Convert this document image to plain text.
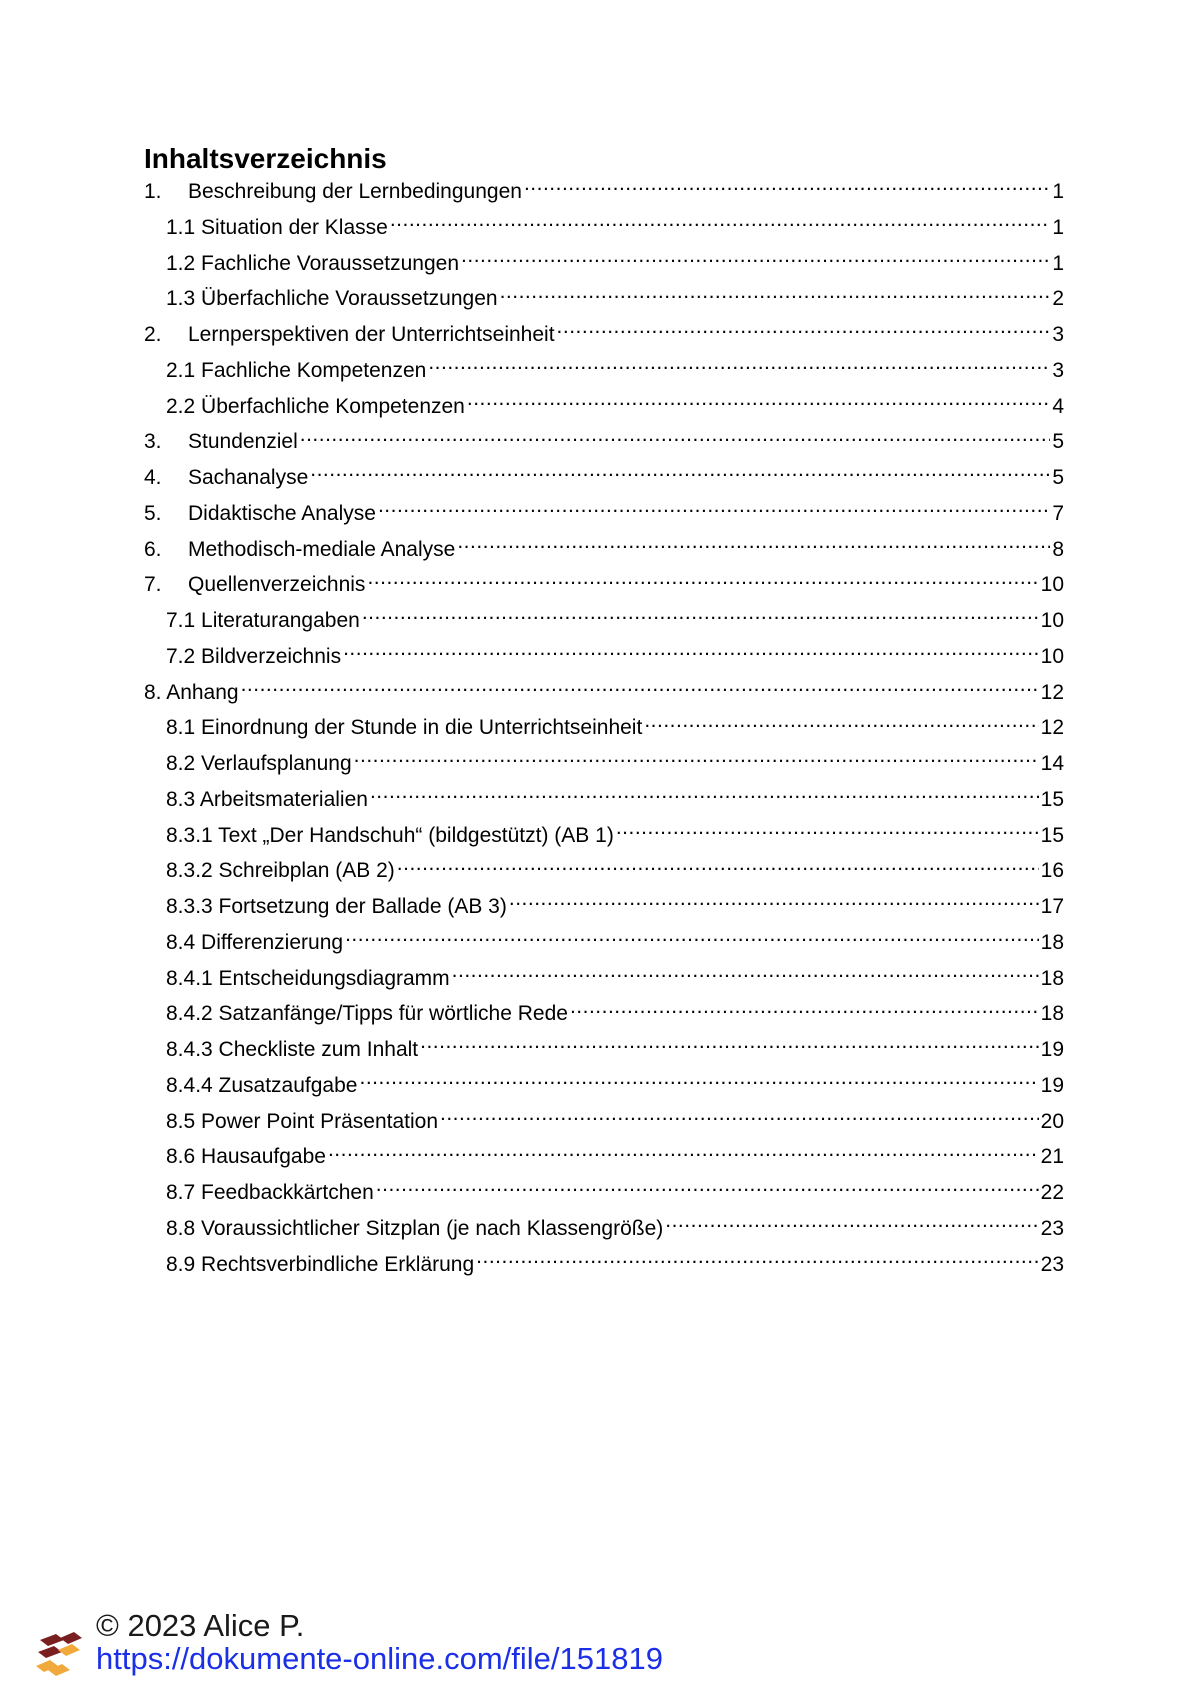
Inhaltsverzeichnis
1.	Beschreibung der Lernbedingungen .....	1
1.1 Situation der Klasse .....	1
1.2 Fachliche Voraussetzungen .....	1
1.3 Überfachliche Voraussetzungen .....	2
2.	Lernperspektiven der Unterrichtseinheit .....	3
2.1 Fachliche Kompetenzen .....	3
2.2 Überfachliche Kompetenzen .....	4
3.	Stundenziel .....	5
4.	Sachanalyse .....	5
5.	Didaktische Analyse .....	7
6.	Methodisch-mediale Analyse .....	8
7.	Quellenverzeichnis .....	10
7.1 Literaturangaben .....	10
7.2 Bildverzeichnis .....	10
8. Anhang .....	12
8.1 Einordnung der Stunde in die Unterrichtseinheit .....	12
8.2 Verlaufsplanung .....	14
8.3 Arbeitsmaterialien .....	15
8.3.1 Text „Der Handschuh“ (bildgestützt) (AB 1) .....	15
8.3.2 Schreibplan (AB 2) .....	16
8.3.3 Fortsetzung der Ballade (AB 3) .....	17
8.4 Differenzierung .....	18
8.4.1 Entscheidungsdiagramm .....	18
8.4.2 Satzanfänge/Tipps für wörtliche Rede .....	18
8.4.3 Checkliste zum Inhalt .....	19
8.4.4 Zusatzaufgabe .....	19
8.5 Power Point Präsentation .....	20
8.6 Hausaufgabe .....	21
8.7 Feedbackkärtchen .....	22
8.8 Voraussichtlicher Sitzplan (je nach Klassengröße) .....	23
8.9 Rechtsverbindliche Erklärung .....	23
© 2023 Alice P.
https://dokumente-online.com/file/151819
